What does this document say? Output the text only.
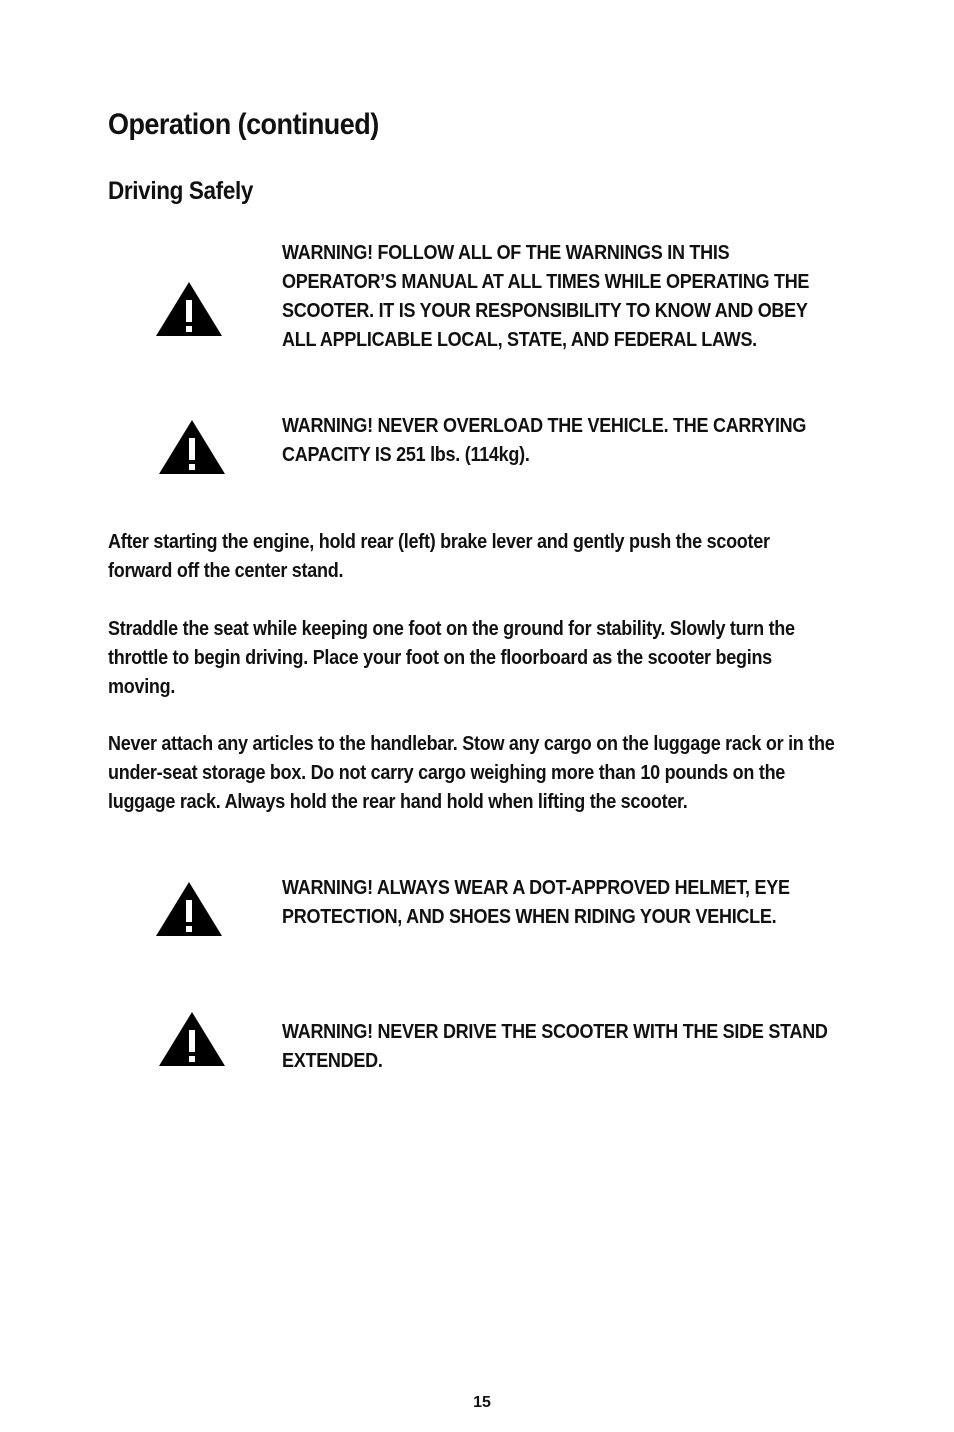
Operation (continued)
Driving Safely

WARNING! FOLLOW ALL OF THE WARNINGS IN THIS OPERATOR’S MANUAL AT ALL TIMES WHILE OPERATING THE SCOOTER. IT IS YOUR RESPONSIBILITY TO KNOW AND OBEY ALL APPLICABLE LOCAL, STATE, AND FEDERAL LAWS.

WARNING! NEVER OVERLOAD THE VEHICLE. THE CARRYING CAPACITY IS 251 lbs. (114kg).

After starting the engine, hold rear (left) brake lever and gently push the scooter forward off the center stand.

Straddle the seat while keeping one foot on the ground for stability. Slowly turn the throttle to begin driving. Place your foot on the floorboard as the scooter begins moving.

Never attach any articles to the handlebar. Stow any cargo on the luggage rack or in the under-seat storage box. Do not carry cargo weighing more than 10 pounds on the luggage rack. Always hold the rear hand hold when lifting the scooter.

WARNING! ALWAYS WEAR A DOT-APPROVED HELMET, EYE PROTECTION, AND SHOES WHEN RIDING YOUR VEHICLE.

WARNING! NEVER DRIVE THE SCOOTER WITH THE SIDE STAND EXTENDED.

15
